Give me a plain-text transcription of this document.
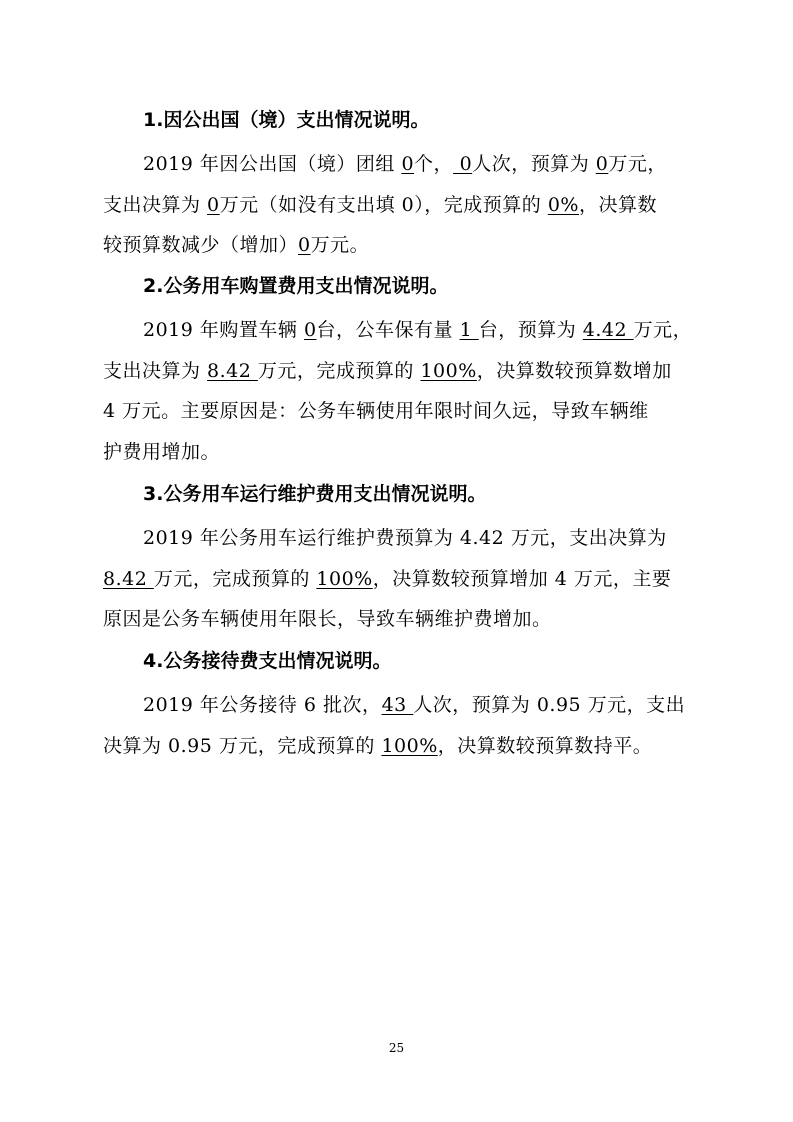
1.因公出国（境）支出情况说明。
2019 年因公出国（境）团组 0个， 0人次，预算为 0万元，
支出决算为 0万元（如没有支出填 0），完成预算的 0%，决算数
较预算数减少（增加）0万元。
2.公务用车购置费用支出情况说明。
2019 年购置车辆 0台，公车保有量 1 台，预算为 4.42 万元，
支出决算为 8.42 万元，完成预算的 100%，决算数较预算数增加
4 万元。主要原因是：公务车辆使用年限时间久远，导致车辆维
护费用增加。
3.公务用车运行维护费用支出情况说明。
2019 年公务用车运行维护费预算为 4.42 万元，支出决算为
8.42 万元，完成预算的 100%，决算数较预算增加 4 万元，主要
原因是公务车辆使用年限长，导致车辆维护费增加。
4.公务接待费支出情况说明。
2019 年公务接待 6 批次，43 人次，预算为 0.95 万元，支出
决算为 0.95 万元，完成预算的 100%，决算数较预算数持平。
25
